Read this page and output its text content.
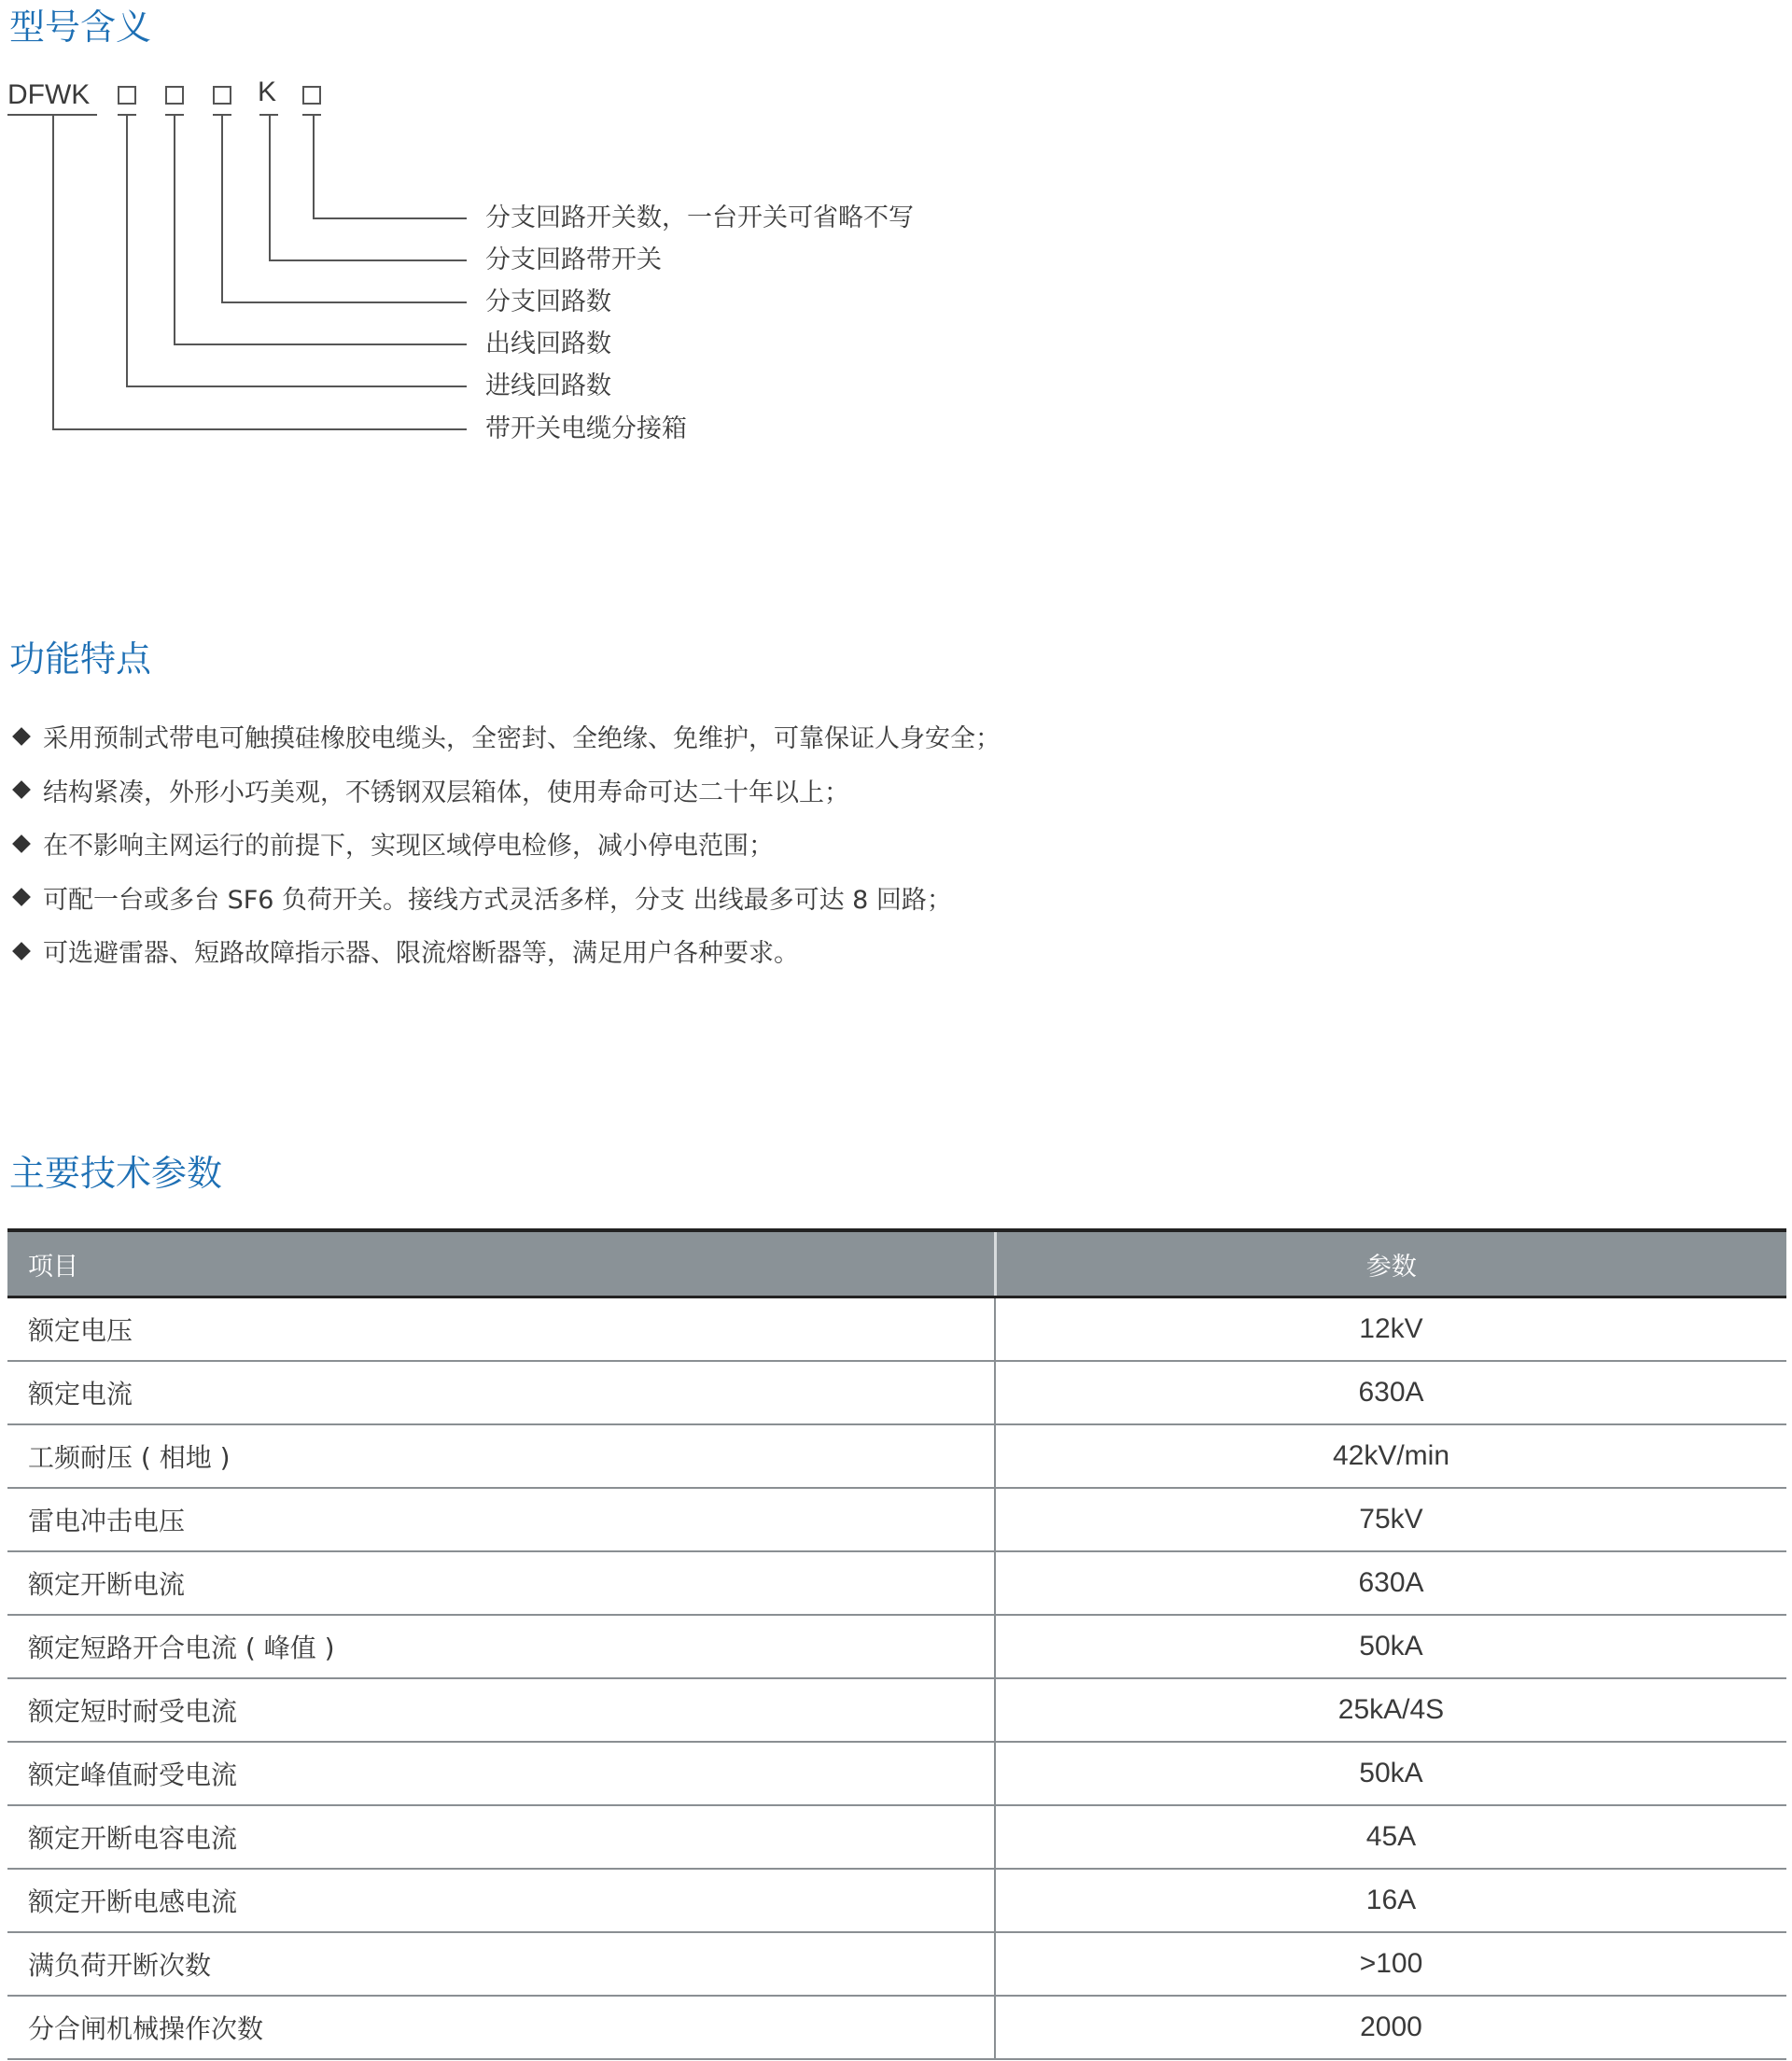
型号含义
DFWK	K
分支回路开关数，一台开关可省略不写
分支回路带开关
分支回路数
出线回路数
进线回路数
带开关电缆分接箱
功能特点
采用预制式带电可触摸硅橡胶电缆头，全密封、全绝缘、免维护，可靠保证人身安全；
结构紧凑，外形小巧美观，不锈钢双层箱体，使用寿命可达二十年以上；
在不影响主网运行的前提下，实现区域停电检修，减小停电范围；
可配一台或多台 SF6 负荷开关。接线方式灵活多样，分支 出线最多可达 8 回路；
可选避雷器、短路故障指示器、限流熔断器等，满足用户各种要求。
主要技术参数
项目	参数
额定电压	12kV
额定电流	630A
工频耐压 ( 相地 )	42kV/min
雷电冲击电压	75kV
额定开断电流	630A
额定短路开合电流 ( 峰值 )	50kA
额定短时耐受电流	25kA/4S
额定峰值耐受电流	50kA
额定开断电容电流	45A
额定开断电感电流	16A
满负荷开断次数	>100
分合闸机械操作次数	2000
